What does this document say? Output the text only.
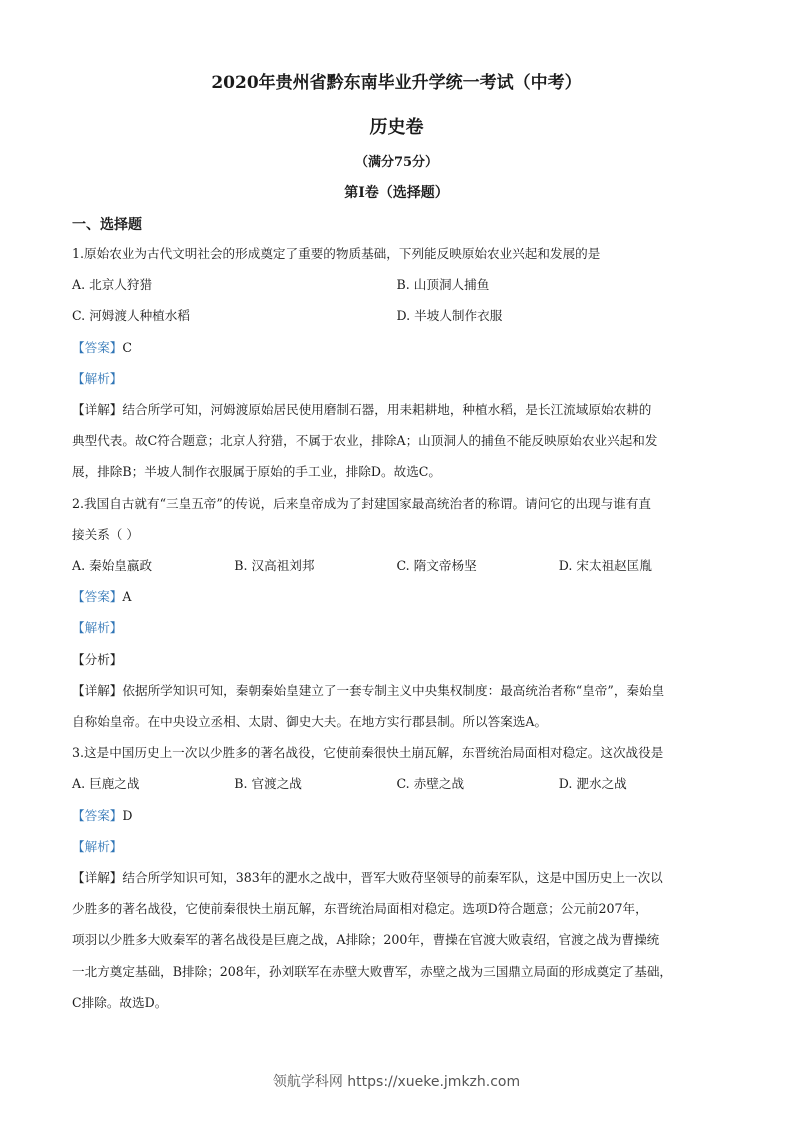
2020年贵州省黔东南毕业升学统一考试（中考）
历史卷
（满分75分）
第Ⅰ卷（选择题）
一、选择题
1.原始农业为古代文明社会的形成奠定了重要的物质基础，下列能反映原始农业兴起和发展的是
A. 北京人狩猎	B. 山顶洞人捕鱼
C. 河姆渡人种植水稻	D. 半坡人制作衣服
【答案】C
【解析】
【详解】结合所学可知，河姆渡原始居民使用磨制石器，用耒耜耕地，种植水稻，是长江流域原始农耕的
典型代表。故C符合题意；北京人狩猎，不属于农业，排除A；山顶洞人的捕鱼不能反映原始农业兴起和发
展，排除B；半坡人制作衣服属于原始的手工业，排除D。故选C。
2.我国自古就有“三皇五帝”的传说，后来皇帝成为了封建国家最高统治者的称谓。请问它的出现与谁有直
接关系（ ）
A. 秦始皇嬴政	B. 汉高祖刘邦	C. 隋文帝杨坚	D. 宋太祖赵匡胤
【答案】A
【解析】
【分析】
【详解】依据所学知识可知，秦朝秦始皇建立了一套专制主义中央集权制度：最高统治者称“皇帝”，秦始皇
自称始皇帝。在中央设立丞相、太尉、御史大夫。在地方实行郡县制。所以答案选A。
3.这是中国历史上一次以少胜多的著名战役，它使前秦很快土崩瓦解，东晋统治局面相对稳定。这次战役是
A. 巨鹿之战	B. 官渡之战	C. 赤壁之战	D. 淝水之战
【答案】D
【解析】
【详解】结合所学知识可知，383年的淝水之战中，晋军大败苻坚领导的前秦军队，这是中国历史上一次以
少胜多的著名战役，它使前秦很快土崩瓦解，东晋统治局面相对稳定。选项D符合题意；公元前207年，
项羽以少胜多大败秦军的著名战役是巨鹿之战，A排除；200年，曹操在官渡大败袁绍，官渡之战为曹操统
一北方奠定基础，B排除；208年，孙刘联军在赤壁大败曹军，赤壁之战为三国鼎立局面的形成奠定了基础，
C排除。故选D。
领航学科网 https://xueke.jmkzh.com
